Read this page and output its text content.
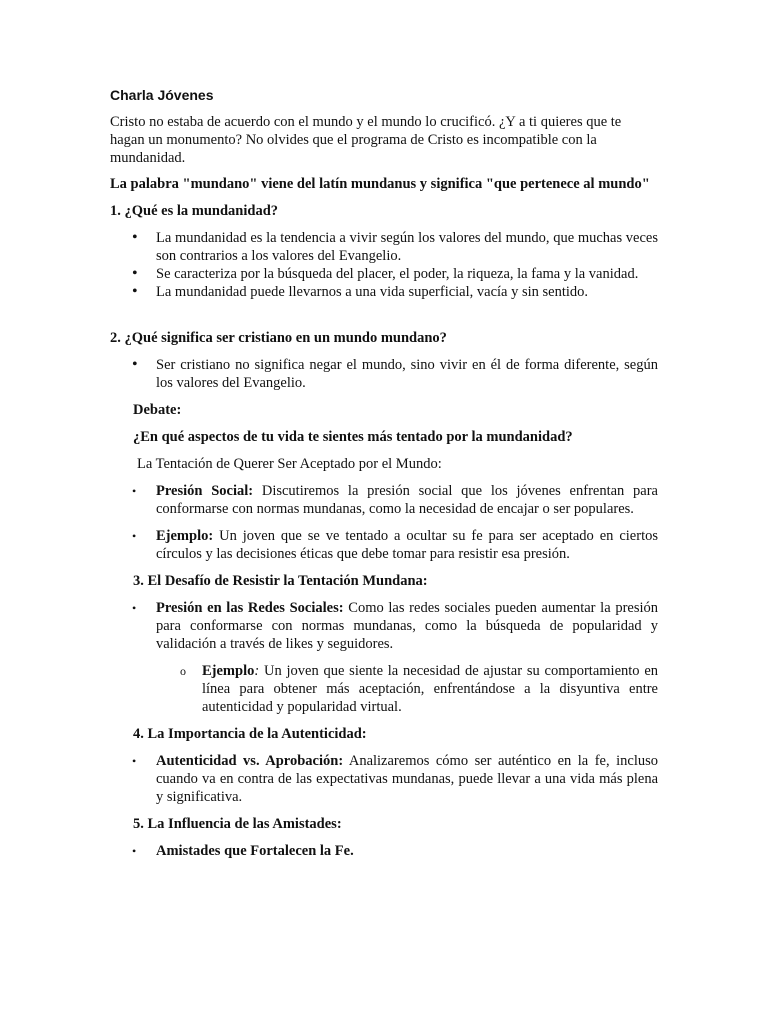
Charla Jóvenes

Cristo no estaba de acuerdo con el mundo y el mundo lo crucificó. ¿Y a ti quieres que te hagan un monumento? No olvides que el programa de Cristo es incompatible con la mundanidad.

La palabra "mundano" viene del latín mundanus y significa "que pertenece al mundo"

1. ¿Qué es la mundanidad?

• La mundanidad es la tendencia a vivir según los valores del mundo, que muchas veces son contrarios a los valores del Evangelio.
• Se caracteriza por la búsqueda del placer, el poder, la riqueza, la fama y la vanidad.
• La mundanidad puede llevarnos a una vida superficial, vacía y sin sentido.

2. ¿Qué significa ser cristiano en un mundo mundano?

• Ser cristiano no significa negar el mundo, sino vivir en él de forma diferente, según los valores del Evangelio.

Debate:

¿En qué aspectos de tu vida te sientes más tentado por la mundanidad?

La Tentación de Querer Ser Aceptado por el Mundo:

• Presión Social: Discutiremos la presión social que los jóvenes enfrentan para conformarse con normas mundanas, como la necesidad de encajar o ser populares.
• Ejemplo: Un joven que se ve tentado a ocultar su fe para ser aceptado en ciertos círculos y las decisiones éticas que debe tomar para resistir esa presión.

3. El Desafío de Resistir la Tentación Mundana:

• Presión en las Redes Sociales: Como las redes sociales pueden aumentar la presión para conformarse con normas mundanas, como la búsqueda de popularidad y validación a través de likes y seguidores.
o Ejemplo: Un joven que siente la necesidad de ajustar su comportamiento en línea para obtener más aceptación, enfrentándose a la disyuntiva entre autenticidad y popularidad virtual.

4. La Importancia de la Autenticidad:

• Autenticidad vs. Aprobación: Analizaremos cómo ser auténtico en la fe, incluso cuando va en contra de las expectativas mundanas, puede llevar a una vida más plena y significativa.

5. La Influencia de las Amistades:

• Amistades que Fortalecen la Fe.
